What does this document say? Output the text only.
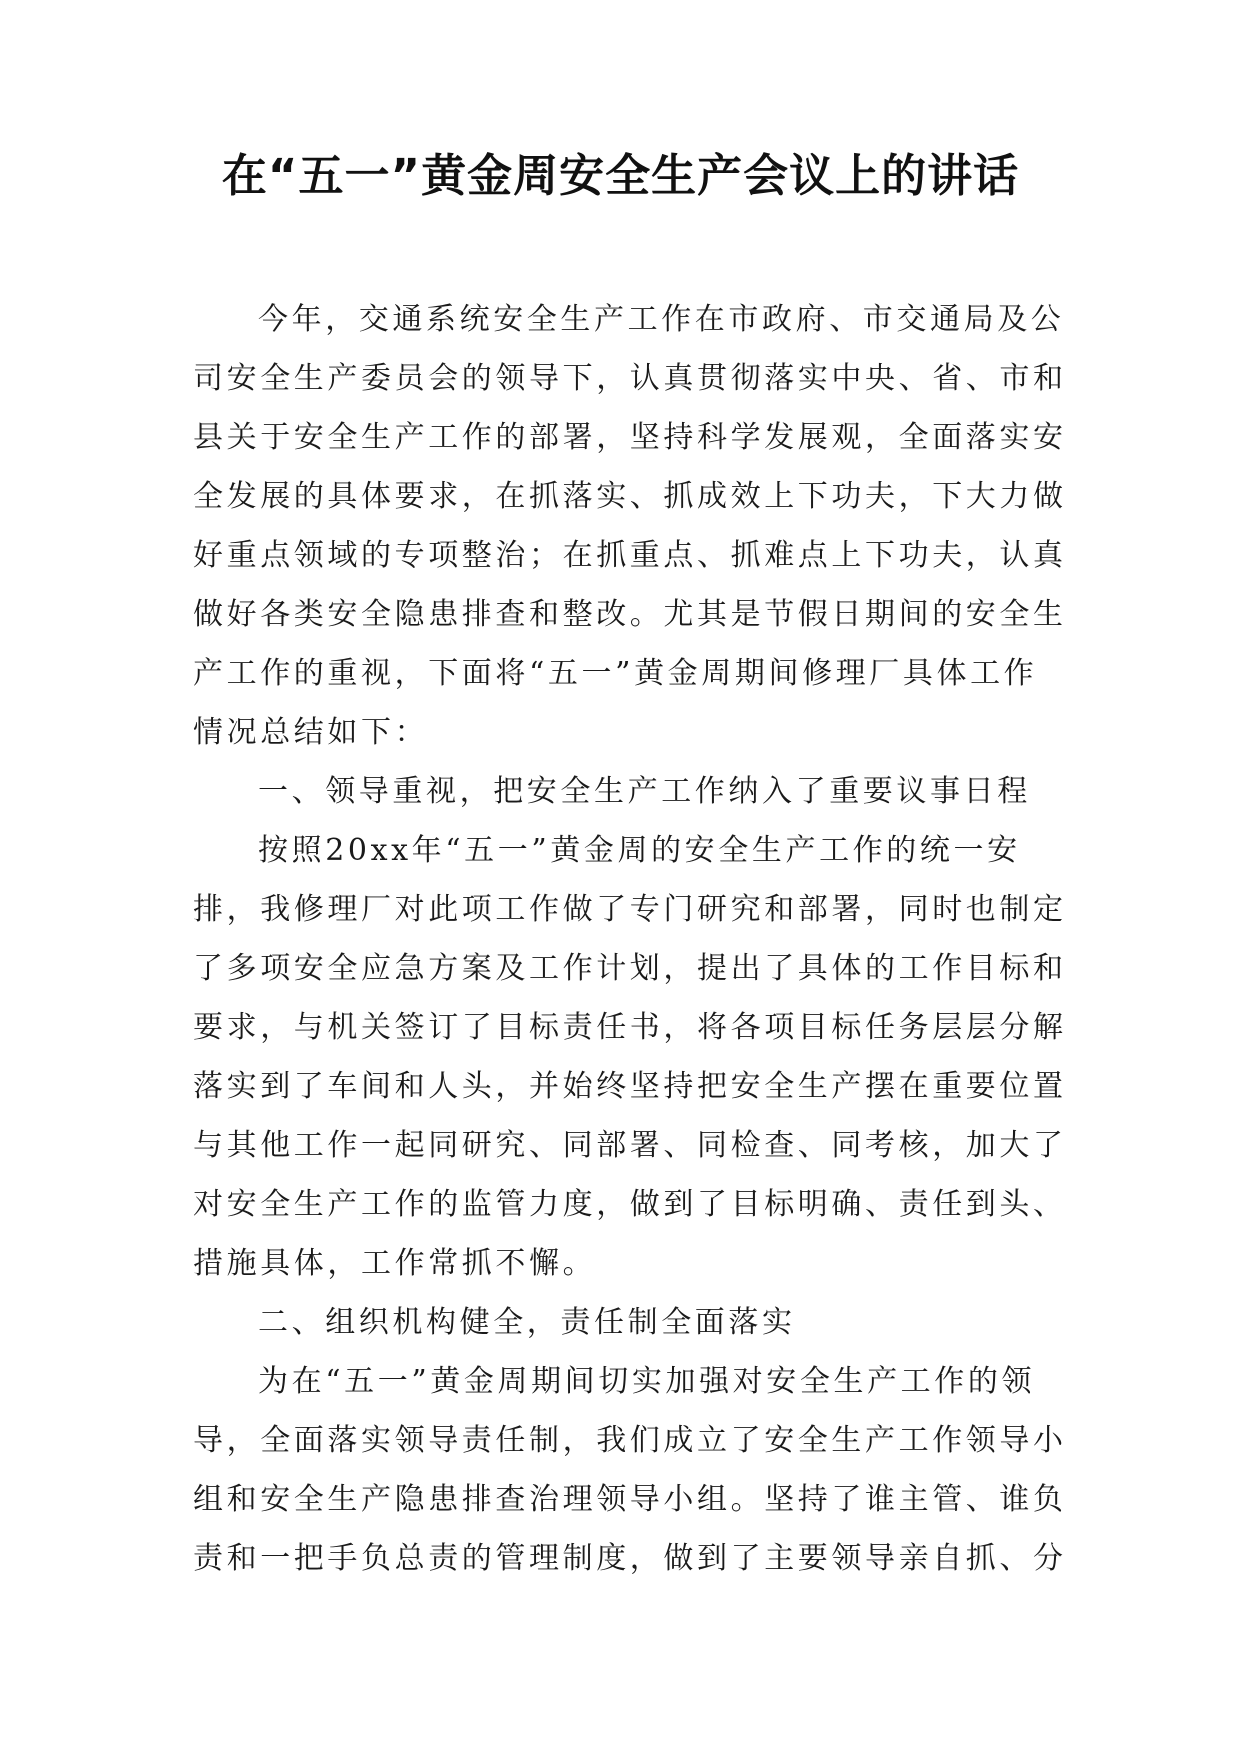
在“五一”黄金周安全生产会议上的讲话
今年，交通系统安全生产工作在市政府、市交通局及公
司安全生产委员会的领导下，认真贯彻落实中央、省、市和
县关于安全生产工作的部署，坚持科学发展观，全面落实安
全发展的具体要求，在抓落实、抓成效上下功夫，下大力做
好重点领域的专项整治；在抓重点、抓难点上下功夫，认真
做好各类安全隐患排查和整改。尤其是节假日期间的安全生
产工作的重视，下面将“五一”黄金周期间修理厂具体工作
情况总结如下：
一、领导重视，把安全生产工作纳入了重要议事日程
按照20xx年“五一”黄金周的安全生产工作的统一安
排，我修理厂对此项工作做了专门研究和部署，同时也制定
了多项安全应急方案及工作计划，提出了具体的工作目标和
要求，与机关签订了目标责任书，将各项目标任务层层分解
落实到了车间和人头，并始终坚持把安全生产摆在重要位置
与其他工作一起同研究、同部署、同检查、同考核，加大了
对安全生产工作的监管力度，做到了目标明确、责任到头、
措施具体，工作常抓不懈。
二、组织机构健全，责任制全面落实
为在“五一”黄金周期间切实加强对安全生产工作的领
导，全面落实领导责任制，我们成立了安全生产工作领导小
组和安全生产隐患排查治理领导小组。坚持了谁主管、谁负
责和一把手负总责的管理制度，做到了主要领导亲自抓、分
